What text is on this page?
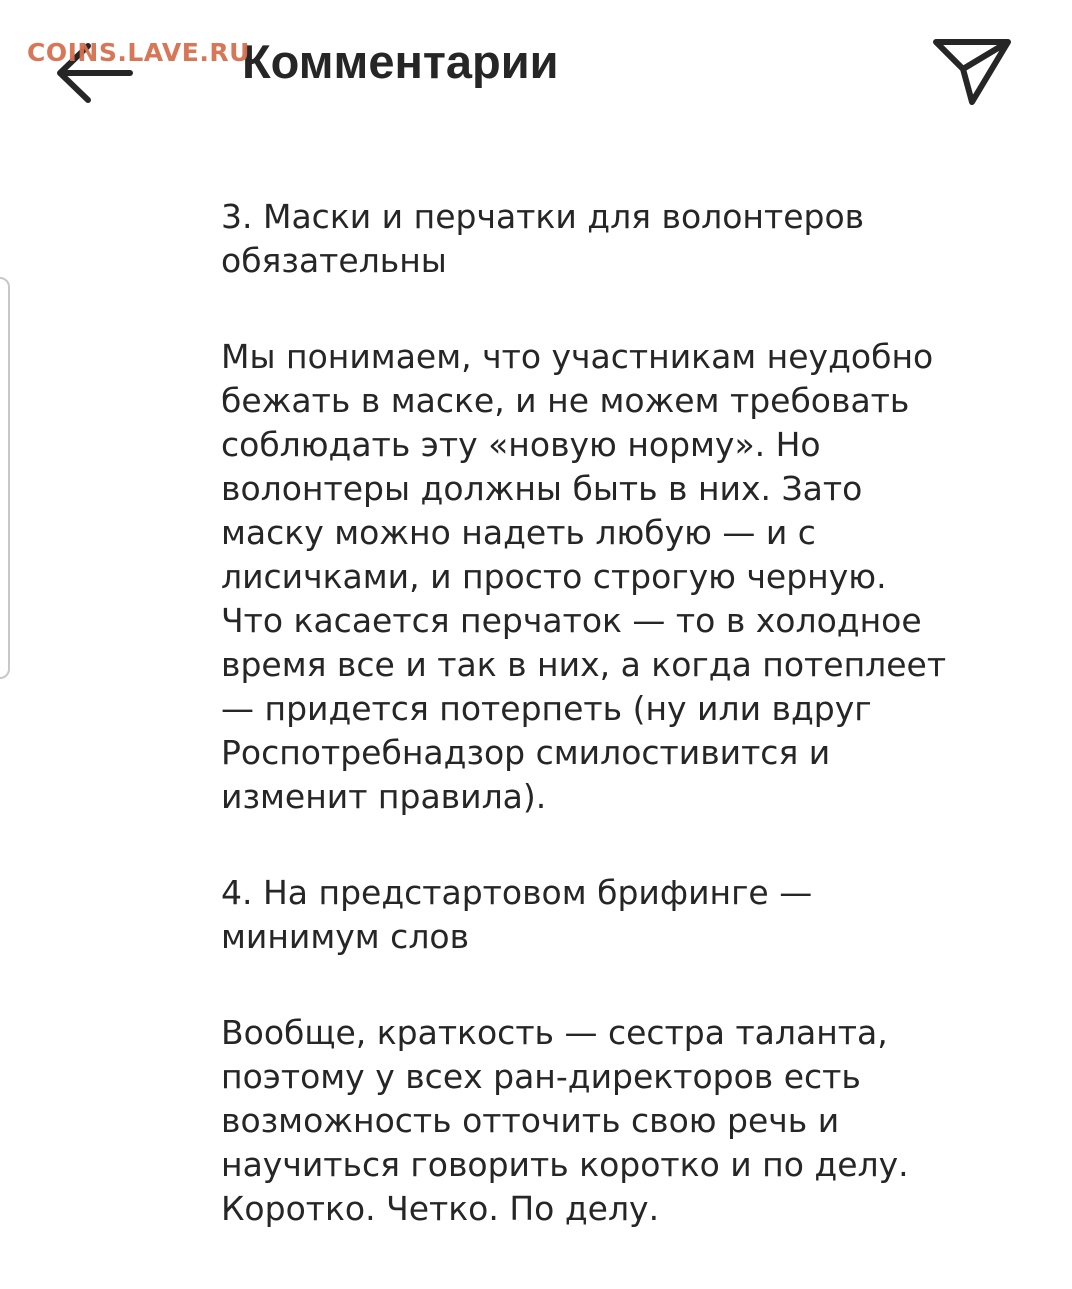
Комментарии
COINS.LAVE.RU

3. Маски и перчатки для волонтеров
обязательны

Мы понимаем, что участникам неудобно
бежать в маске, и не можем требовать
соблюдать эту «новую норму». Но
волонтеры должны быть в них. Зато
маску можно надеть любую — и с
лисичками, и просто строгую черную.
Что касается перчаток — то в холодное
время все и так в них, а когда потеплеет
— придется потерпеть (ну или вдруг
Роспотребнадзор смилостивится и
изменит правила).

4. На предстартовом брифинге —
минимум слов

Вообще, краткость — сестра таланта,
поэтому у всех ран-директоров есть
возможность отточить свою речь и
научиться говорить коротко и по делу.
Коротко. Четко. По делу.
